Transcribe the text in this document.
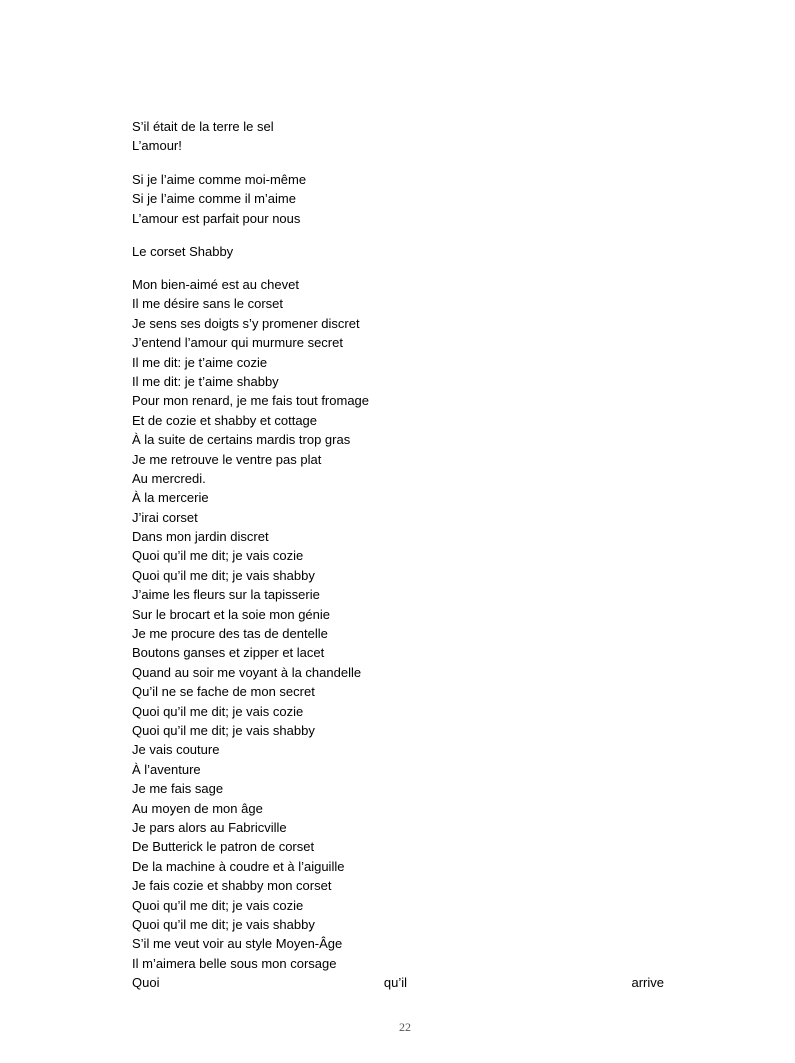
S’il était de la terre le sel
L’amour!
Si je l’aime comme moi-même
Si je l’aime comme il m’aime
L’amour est parfait pour nous
Le corset Shabby
Mon bien-aimé est au chevet
Il me désire sans le corset
Je sens ses doigts s’y promener discret
J’entend l’amour qui murmure secret
Il me dit: je t’aime cozie
Il me dit: je t’aime shabby
Pour mon renard, je me fais tout fromage
Et de cozie et shabby et cottage
À la suite de certains mardis trop gras
Je me retrouve le ventre pas plat
Au mercredi.
À la mercerie
J’irai corset
Dans mon jardin discret
Quoi qu’il me dit; je vais cozie
Quoi qu’il me dit; je vais shabby
J’aime les fleurs sur la tapisserie
Sur le brocart et la soie mon génie
Je me procure des tas de dentelle
Boutons ganses et zipper et lacet
Quand au soir me voyant à la chandelle
Qu’il ne se fache de mon secret
Quoi qu’il me dit; je vais cozie
Quoi qu’il me dit; je vais shabby
Je vais couture
À l’aventure
Je me fais sage
Au moyen de mon âge
Je pars alors au Fabricville
De Butterick le patron de corset
De la machine à coudre et à l’aiguille
Je fais cozie et shabby mon corset
Quoi qu’il me dit; je vais cozie
Quoi qu’il me dit; je vais shabby
S’il me veut voir au style Moyen-Âge
Il m’aimera belle sous mon corsage
Quoi	qu’il	arrive
22
